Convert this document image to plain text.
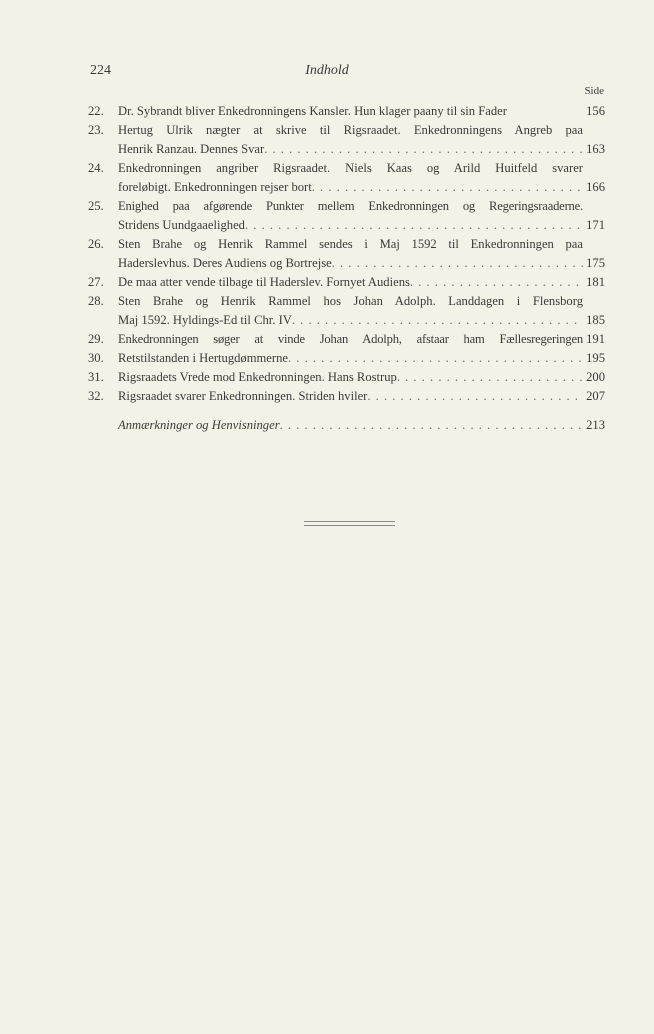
224	Indhold
Side
22.	Dr. Sybrandt bliver Enkedronningens Kansler. Hun klager paany til sin Fader	156
23.	Hertug Ulrik nægter at skrive til Rigsraadet. Enkedronningens Angreb paa
Henrik Ranzau. Dennes Svar . . .	163
24.	Enkedronningen angriber Rigsraadet. Niels Kaas og Arild Huitfeld svarer
foreløbigt. Enkedronningen rejser bort . . .	166
25.	Enighed paa afgørende Punkter mellem Enkedronningen og Regeringsraaderne.
Stridens Uundgaaelighed . . .	171
26.	Sten Brahe og Henrik Rammel sendes i Maj 1592 til Enkedronningen paa
Haderslevhus. Deres Audiens og Bortrejse . . .	175
27.	De maa atter vende tilbage til Haderslev. Fornyet Audiens . . .	181
28.	Sten Brahe og Henrik Rammel hos Johan Adolph. Landdagen i Flensborg
Maj 1592. Hyldings-Ed til Chr. IV . . .	185
29.	Enkedronningen søger at vinde Johan Adolph, afstaar ham Fællesregeringen 191
30.	Retstilstanden i Hertugdømmerne . . .	195
31.	Rigsraadets Vrede mod Enkedronningen. Hans Rostrup . . .	200
32.	Rigsraadet svarer Enkedronningen. Striden hviler . . .	207
Anmærkninger og Henvisninger . . .	213
